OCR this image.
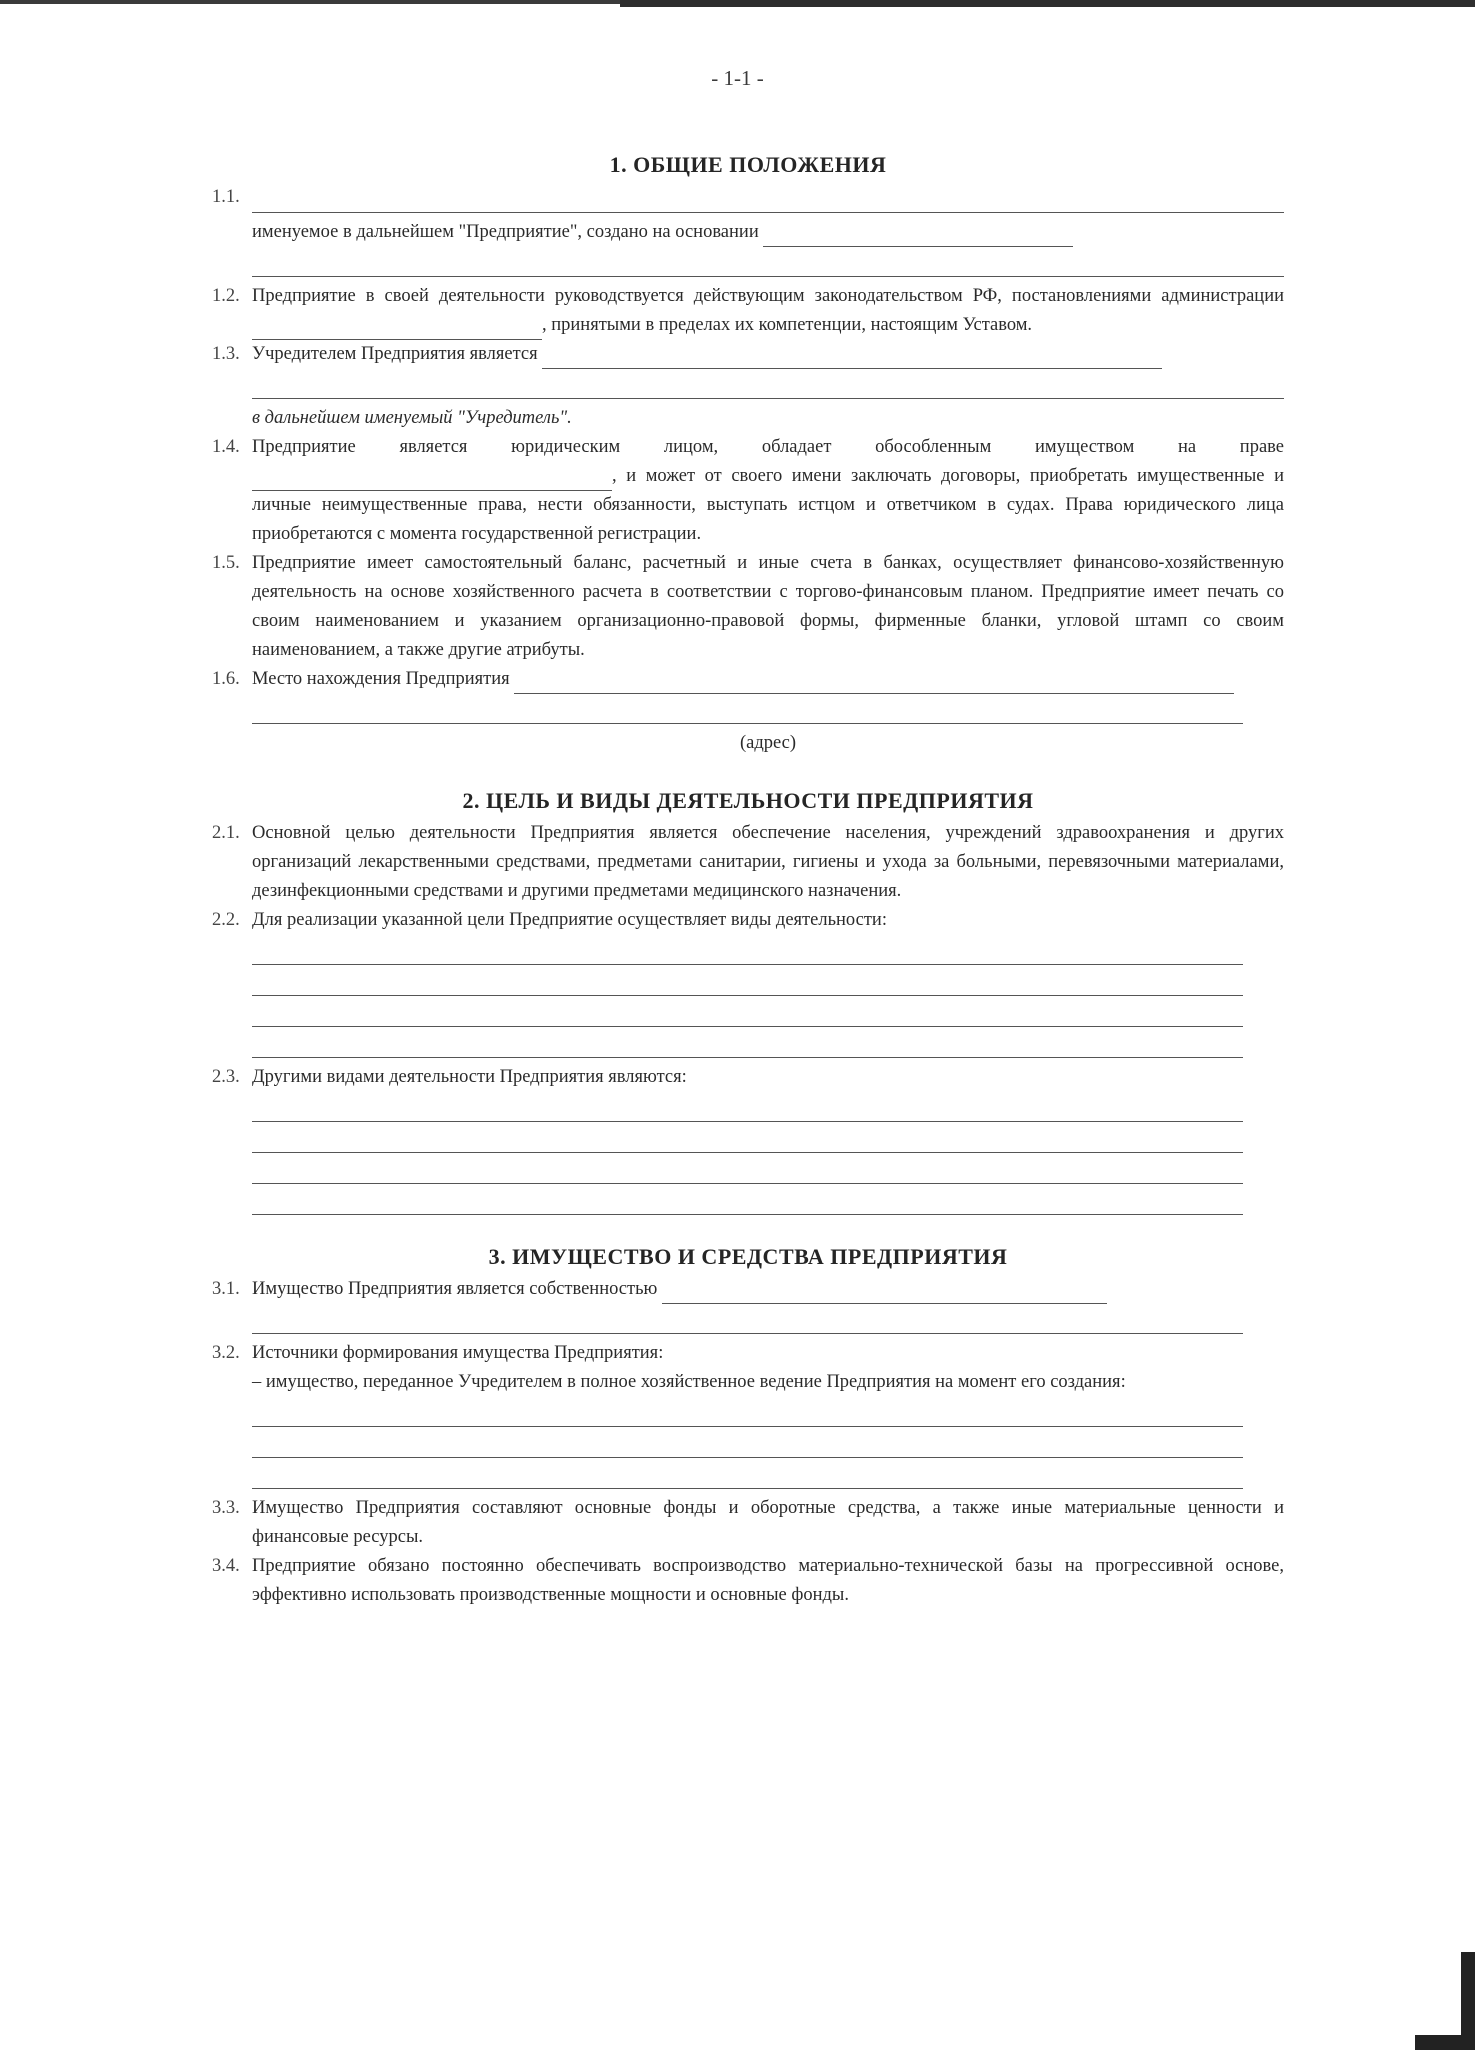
- 1-1 -
1. ОБЩИЕ ПОЛОЖЕНИЯ
1.1.
именуемое в дальнейшем "Предприятие", создано на основании
1.2. Предприятие в своей деятельности руководствуется действующим законодательством РФ, постановлениями администрации , принятыми в пределах их компетенции, настоящим Уставом.
1.3. Учредителем Предприятия является
в дальнейшем именуемый "Учредитель".
1.4. Предприятие является юридическим лицом, обладает обособленным имуществом на праве , и может от своего имени заключать договоры, приобретать имущественные и личные неимущественные права, нести обязанности, выступать истцом и ответчиком в судах. Права юридического лица приобретаются с момента государственной регистрации.
1.5. Предприятие имеет самостоятельный баланс, расчетный и иные счета в банках, осуществляет финансово-хозяйственную деятельность на основе хозяйственного расчета в соответствии с торгово-финансовым планом. Предприятие имеет печать со своим наименованием и указанием организационно-правовой формы, фирменные бланки, угловой штамп со своим наименованием, а также другие атрибуты.
1.6. Место нахождения Предприятия
(адрес)
2. ЦЕЛЬ И ВИДЫ ДЕЯТЕЛЬНОСТИ ПРЕДПРИЯТИЯ
2.1. Основной целью деятельности Предприятия является обеспечение населения, учреждений здравоохранения и других организаций лекарственными средствами, предметами санитарии, гигиены и ухода за больными, перевязочными материалами, дезинфекционными средствами и другими предметами медицинского назначения.
2.2. Для реализации указанной цели Предприятие осуществляет виды деятельности:
2.3. Другими видами деятельности Предприятия являются:
3. ИМУЩЕСТВО И СРЕДСТВА ПРЕДПРИЯТИЯ
3.1. Имущество Предприятия является собственностью
3.2. Источники формирования имущества Предприятия:
– имущество, переданное Учредителем в полное хозяйственное ведение Предприятия на момент его создания:
3.3. Имущество Предприятия составляют основные фонды и оборотные средства, а также иные материальные ценности и финансовые ресурсы.
3.4. Предприятие обязано постоянно обеспечивать воспроизводство материально-технической базы на прогрессивной основе, эффективно использовать производственные мощности и основные фонды.
